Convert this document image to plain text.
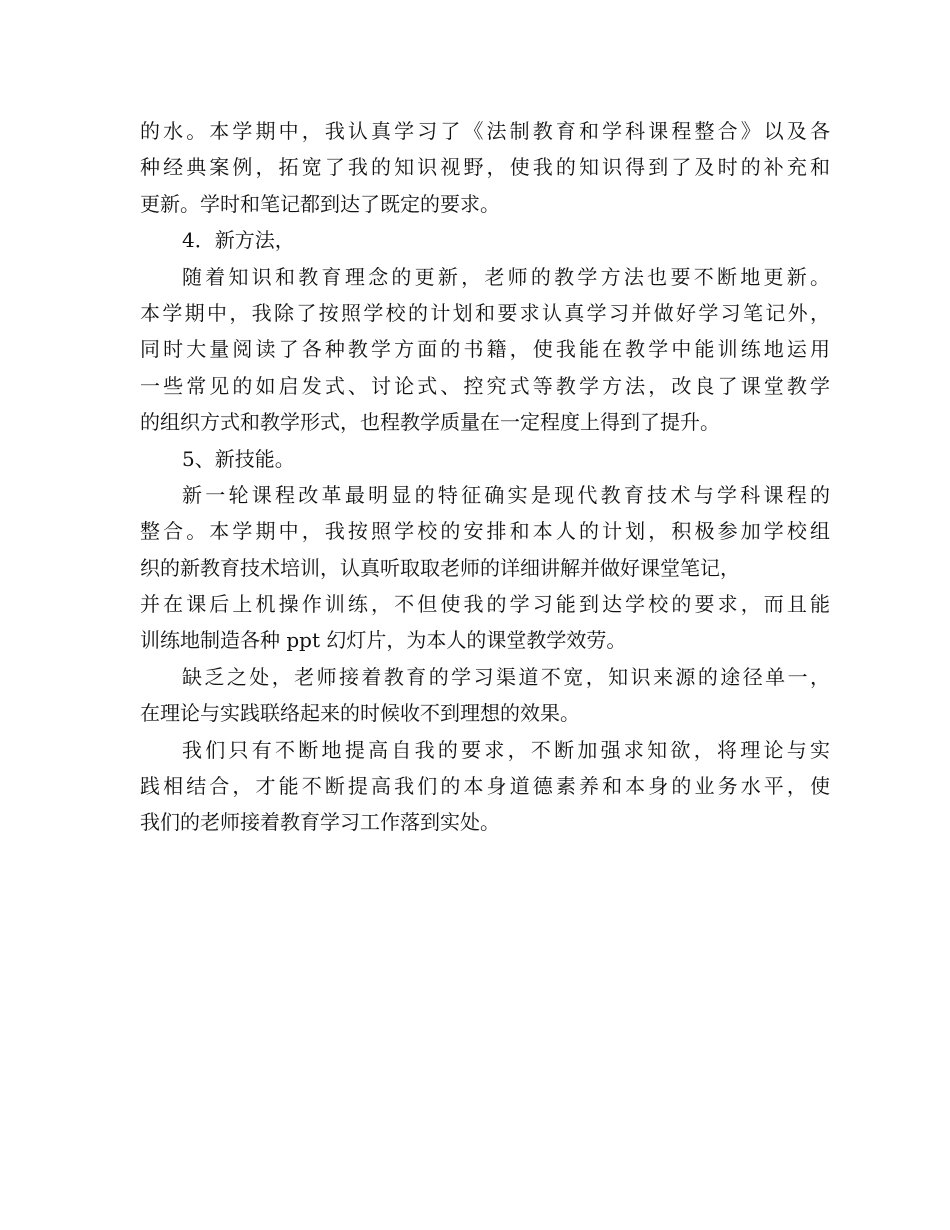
的水。本学期中，我认真学习了《法制教育和学科课程整合》以及各
种经典案例，拓宽了我的知识视野，使我的知识得到了及时的补充和
更新。学时和笔记都到达了既定的要求。
4．新方法，
随着知识和教育理念的更新，老师的教学方法也要不断地更新。
本学期中，我除了按照学校的计划和要求认真学习并做好学习笔记外，
同时大量阅读了各种教学方面的书籍，使我能在教学中能训练地运用
一些常见的如启发式、讨论式、控究式等教学方法，改良了课堂教学
的组织方式和教学形式，也程教学质量在一定程度上得到了提升。
5、新技能。
新一轮课程改革最明显的特征确实是现代教育技术与学科课程的
整合。本学期中，我按照学校的安排和本人的计划，积极参加学校组
织的新教育技术培训，认真听取取老师的详细讲解并做好课堂笔记，
并在课后上机操作训练，不但使我的学习能到达学校的要求，而且能
训练地制造各种 ppt 幻灯片，为本人的课堂教学效劳。
缺乏之处，老师接着教育的学习渠道不宽，知识来源的途径单一，
在理论与实践联络起来的时候收不到理想的效果。
我们只有不断地提高自我的要求，不断加强求知欲，将理论与实
践相结合，才能不断提高我们的本身道德素养和本身的业务水平，使
我们的老师接着教育学习工作落到实处。
